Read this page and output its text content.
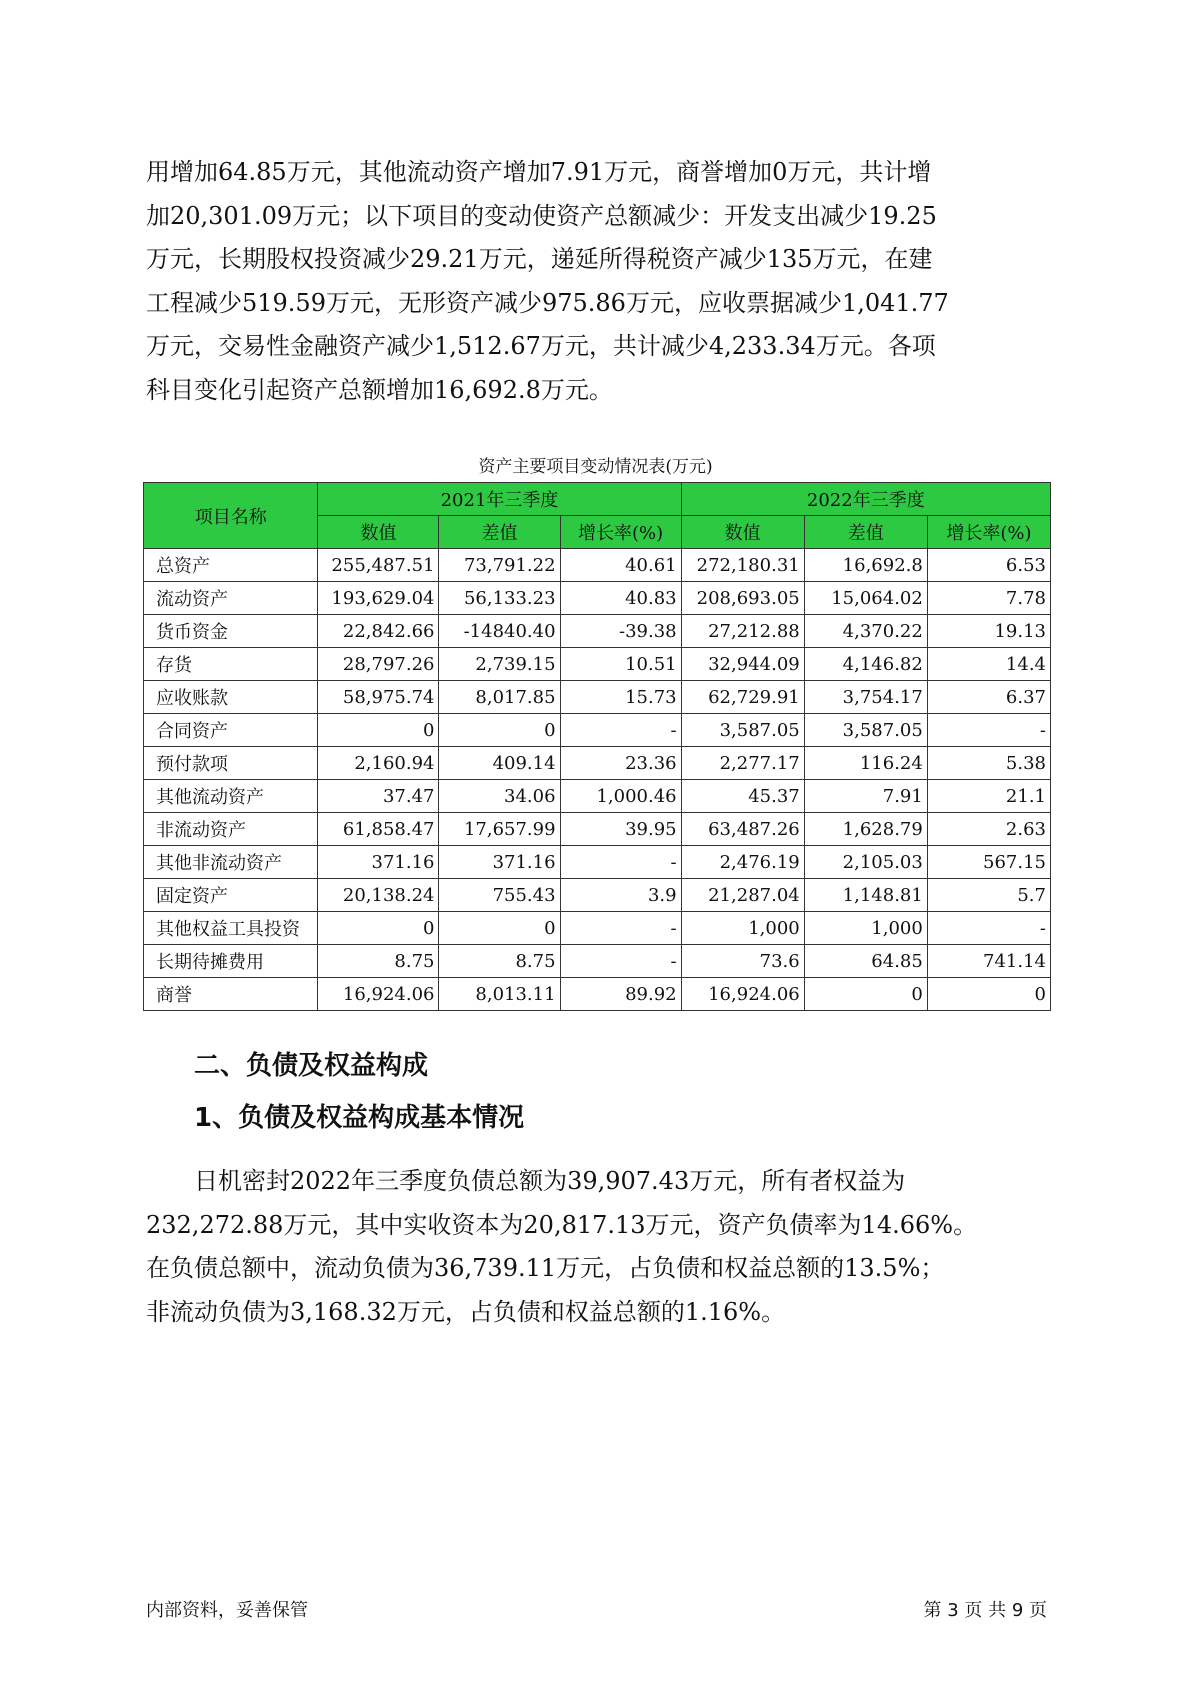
用增加64.85万元，其他流动资产增加7.91万元，商誉增加0万元，共计增
加20,301.09万元；以下项目的变动使资产总额减少：开发支出减少19.25
万元，长期股权投资减少29.21万元，递延所得税资产减少135万元，在建
工程减少519.59万元，无形资产减少975.86万元，应收票据减少1,041.77
万元，交易性金融资产减少1,512.67万元，共计减少4,233.34万元。各项
科目变化引起资产总额增加16,692.8万元。
资产主要项目变动情况表(万元)
项目名称	2021年三季度			2022年三季度		
	数值	差值	增长率(%)	数值	差值	增长率(%)
总资产	255,487.51	73,791.22	40.61	272,180.31	16,692.8	6.53
流动资产	193,629.04	56,133.23	40.83	208,693.05	15,064.02	7.78
货币资金	22,842.66	-14840.40	-39.38	27,212.88	4,370.22	19.13
存货	28,797.26	2,739.15	10.51	32,944.09	4,146.82	14.4
应收账款	58,975.74	8,017.85	15.73	62,729.91	3,754.17	6.37
合同资产	0	0	-	3,587.05	3,587.05	-
预付款项	2,160.94	409.14	23.36	2,277.17	116.24	5.38
其他流动资产	37.47	34.06	1,000.46	45.37	7.91	21.1
非流动资产	61,858.47	17,657.99	39.95	63,487.26	1,628.79	2.63
其他非流动资产	371.16	371.16	-	2,476.19	2,105.03	567.15
固定资产	20,138.24	755.43	3.9	21,287.04	1,148.81	5.7
其他权益工具投资	0	0	-	1,000	1,000	-
长期待摊费用	8.75	8.75	-	73.6	64.85	741.14
商誉	16,924.06	8,013.11	89.92	16,924.06	0	0
二、负债及权益构成
1、负债及权益构成基本情况
日机密封2022年三季度负债总额为39,907.43万元，所有者权益为
232,272.88万元，其中实收资本为20,817.13万元，资产负债率为14.66%。
在负债总额中，流动负债为36,739.11万元，占负债和权益总额的13.5%；
非流动负债为3,168.32万元，占负债和权益总额的1.16%。
内部资料，妥善保管	第 3 页 共 9 页
